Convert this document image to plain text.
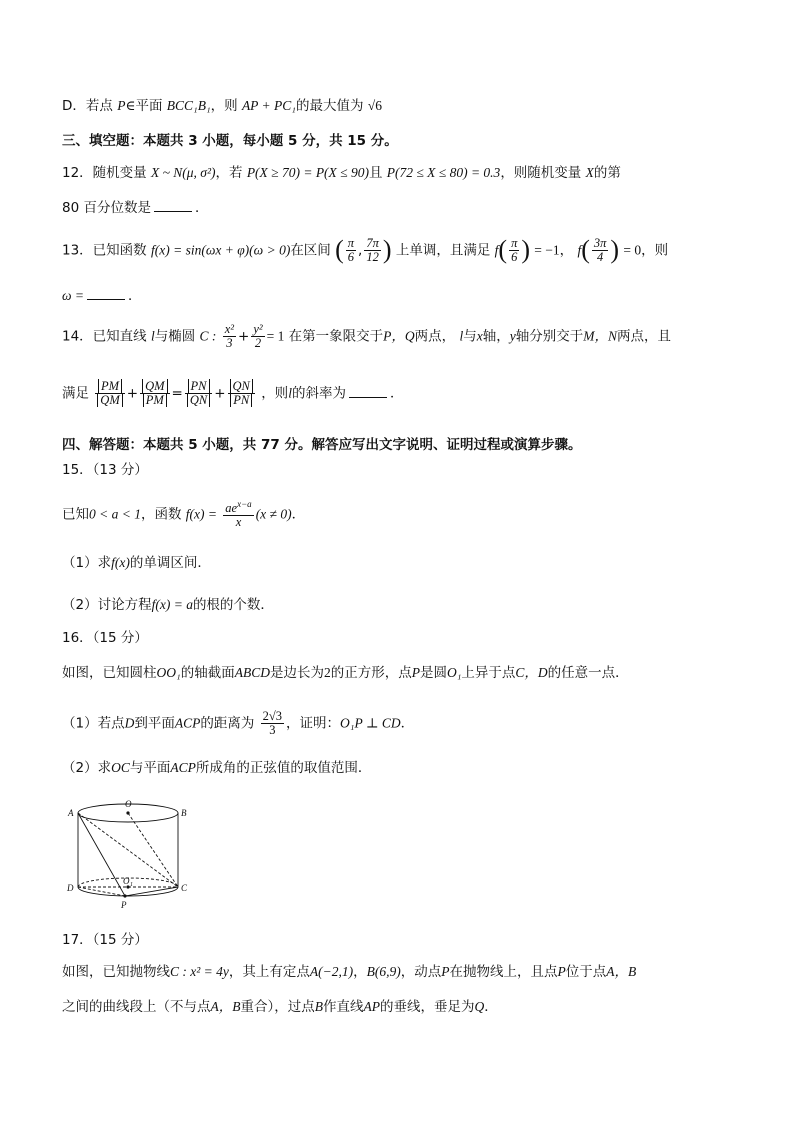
D．若点 P∈平面 BCC₁B₁，则 AP + PC₁的最大值为 √6
三、填空题：本题共 3 小题，每小题 5 分，共 15 分。
12．随机变量 X ~ N(μ, σ²)，若 P(X ≥ 70) = P(X ≤ 90)且 P(72 ≤ X ≤ 80) = 0.3，则随机变量 X的第
80 百分位数是	．
13．已知函数 f(x) = sin(ωx + φ)(ω > 0)在区间 ( $\frac{\pi}{6}$ , $\frac{7\pi}{12}$ ) 上单调，且满足 $f( \frac{\pi}{6}$ ) = −1， $f( \frac{3\pi}{4}$ ) = 0，则
ω =	．
14．已知直线 l与椭圆 C : $\frac{\text{x²}}{3} + \frac{\text{y²}}{2} = 1$ 在第一象限交于P，Q两点， l与x轴，y轴分别交于M，N两点，且
满足 $\frac{PM}{QM} + \frac{QM}{PM} = \frac{PN}{QN} + \frac{QN}{PN}$ ，则l的斜率为	．
四、解答题：本题共 5 小题，共 77 分。解答应写出文字说明、证明过程或演算步骤。
15．（13 分）
已知0 < a < 1，函数 $f(x) = \frac{ae^{x-a}}{x} (x \ne 0)$．
（1）求f(x)的单调区间．
（2）讨论方程f(x) = a的根的个数．
16．（15 分）
如图，已知圆柱OO₁的轴截面ABCD是边长为2的正方形，点P是圆O₁上异于点C，D的任意一点．
（1）若点D到平面ACP的距离为 $\frac{2√3}{3}$ ，证明：O₁P ⊥ CD．
（2）求OC与平面ACP所成角的正弦值的取值范围．
A
O
B
D
O 1	C
P
17．（15 分）
如图，已知抛物线C : x² = 4y，其上有定点A(−2,1)，B(6,9)，动点P在抛物线上，且点P位于点A，B
之间的曲线段上（不与点A，B重合），过点B作直线AP的垂线，垂足为Q．
